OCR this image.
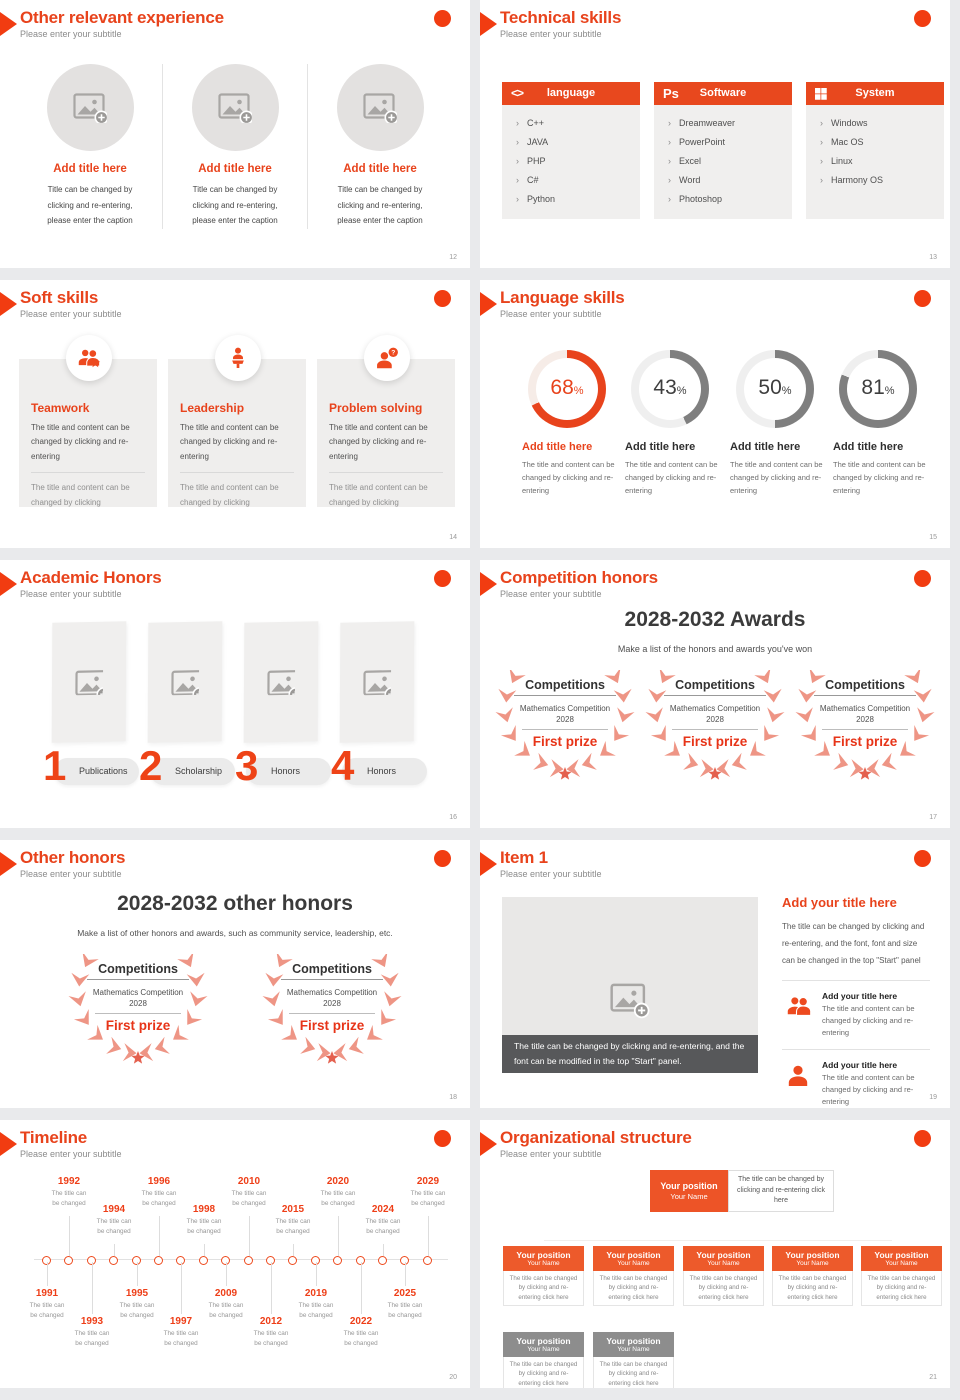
Other relevant experience
Please enter your subtitle
Add title here
Title can be changed by
clicking and re-entering,
please enter the caption
Add title here
Title can be changed by
clicking and re-entering,
please enter the caption
Add title here
Title can be changed by
clicking and re-entering,
please enter the caption
12
Technical skills
Please enter your subtitle
<> language
› C++
› JAVA
› PHP
› C#
› Python
Ps Software
› Dreamweaver
› PowerPoint
› Excel
› Word
› Photoshop
System
› Windows
› Mac OS
› Linux
› Harmony OS
13
Soft skills
Please enter your subtitle
Teamwork
The title and content can be changed by clicking and re-entering
The title and content can be changed by clicking
Leadership
The title and content can be changed by clicking and re-entering
The title and content can be changed by clicking
Problem solving
The title and content can be changed by clicking and re-entering
The title and content can be changed by clicking
14
Language skills
Please enter your subtitle
68 %
Add title here
The title and content can be changed by clicking and re-entering
43 %
Add title here
The title and content can be changed by clicking and re-entering
50 %
Add title here
The title and content can be changed by clicking and re-entering
81 %
Add title here
The title and content can be changed by clicking and re-entering
15
Academic Honors
Please enter your subtitle
1	Publications 2	Scholarship 3	Honors 4	Honors
16
Competition honors
Please enter your subtitle
2028-2032 Awards
Make a list of the honors and awards you've won
Competitions
Mathematics Competition
2028
First prize
Competitions
Mathematics Competition
2028
First prize
Competitions
Mathematics Competition
2028
First prize
17
Other honors
Please enter your subtitle
2028-2032 other honors
Make a list of other honors and awards, such as community service, leadership, etc.
Competitions
Mathematics Competition
2028
First prize
Competitions
Mathematics Competition
2028
First prize
18
Item 1
Please enter your subtitle
The title can be changed by clicking and re-entering, and the font can be modified in the top "Start" panel.
Add your title here
The title can be changed by clicking and re-entering, and the font, font and size can be changed in the top "Start" panel
Add your title here
The title and content can be changed by clicking and re-entering
Add your title here
The title and content can be changed by clicking and re-entering	19
Timeline
Please enter your subtitle
1991
The title can
be changed
1992
The title can
be changed
1993
The title can
be changed
1994
The title can
be changed
1995
The title can
be changed
1996
The title can
be changed
1997
The title can
be changed
1998
The title can
be changed
2009
The title can
be changed
2010
The title can
be changed
2012
The title can
be changed
2015
The title can
be changed
2019
The title can
be changed
2020
The title can
be changed
2022
The title can
be changed
2024
The title can
be changed
2025
The title can
be changed
2029
The title can
be changed
20
Organizational structure
Please enter your subtitle
Your position
Your Name
The title can be changed by clicking and re-entering click here
Your position
Your Name
The title can be changed by clicking and re-entering click here
Your position
Your Name
The title can be changed by clicking and re-entering click here
Your position
Your Name
The title can be changed by clicking and re-entering click here
Your position
Your Name
The title can be changed by clicking and re-entering click here
Your position
Your Name
The title can be changed by clicking and re-entering click here
Your position
Your Name
The title can be changed by clicking and re-entering click here
Your position
Your Name
The title can be changed by clicking and re-entering click here
21
